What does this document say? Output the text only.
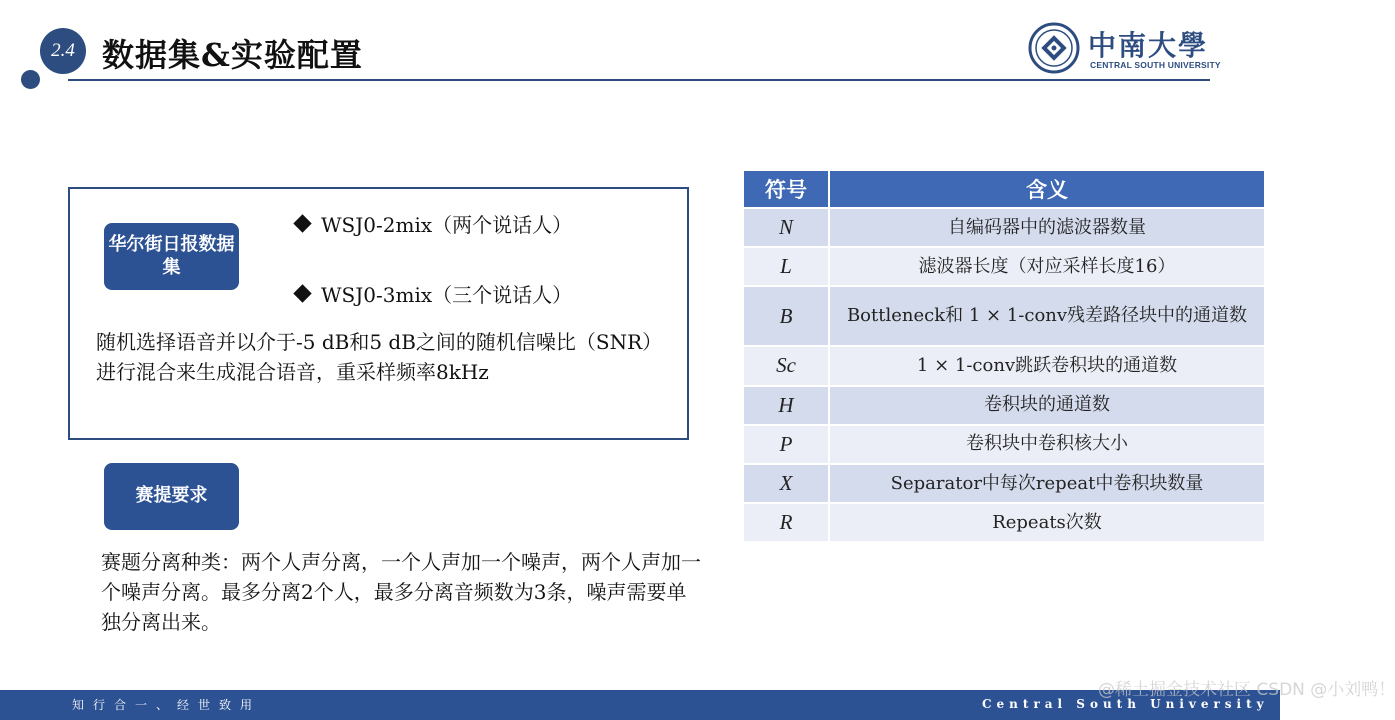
2.4 数据集&实验配置	中南大學
CENTRAL SOUTH UNIVERSITY
华尔街日报数据集
WSJ0-2mix（两个说话人）
WSJ0-3mix（三个说话人）
随机选择语音并以介于-5 dB和5 dB之间的随机信噪比（SNR）进行混合来生成混合语音，重采样频率8kHz
赛提要求
赛题分离种类：两个人声分离，一个人声加一个噪声，两个人声加一个噪声分离。最多分离2个人，最多分离音频数为3条，噪声需要单独分离出来。
符号	含义
N	自编码器中的滤波器数量
L	滤波器长度（对应采样长度16）
B	Bottleneck和 1 × 1-conv残差路径块中的通道数
Sc	1 × 1-conv跳跃卷积块的通道数
H	卷积块的通道数
P	卷积块中卷积核大小
X	Separator中每次repeat中卷积块数量
R	Repeats次数
知行合一、经世致用	Central South University
@稀土掘金技术社区 CSDN @小刘鸭！
